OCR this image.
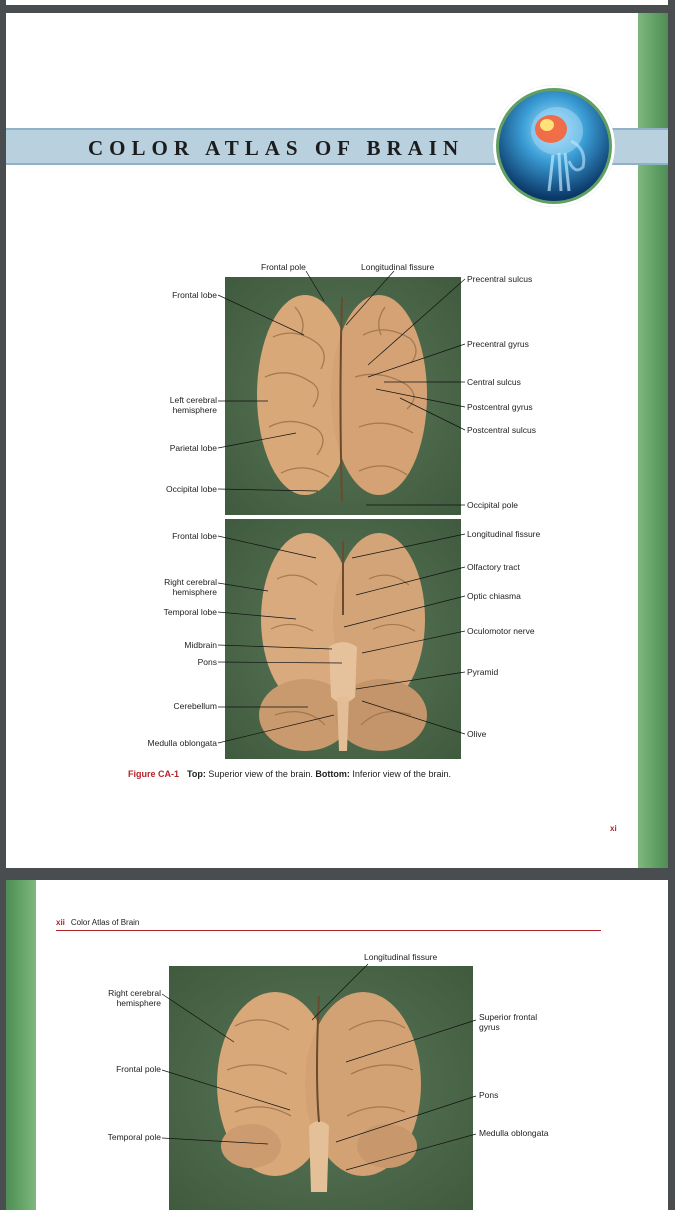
COLOR ATLAS OF BRAIN
Frontal pole	Longitudinal fissure
Frontal lobe
Left cerebral
hemisphere
Parietal lobe
Occipital lobe
Precentral sulcus
Precentral gyrus
Central sulcus
Postcentral gyrus
Postcentral sulcus
Occipital pole
Frontal lobe
Right cerebral
hemisphere
Temporal lobe
Midbrain
Pons
Cerebellum
Medulla oblongata
Longitudinal fissure
Olfactory tract
Optic chiasma
Oculomotor nerve
Pyramid
Olive
Figure CA-1 Top: Superior view of the brain. Bottom: Inferior view of the brain.
xi
xii Color Atlas of Brain
Longitudinal fissure
Right cerebral
hemisphere
Superior frontal
gyrus
Frontal pole
Pons
Temporal pole	Medulla oblongata
